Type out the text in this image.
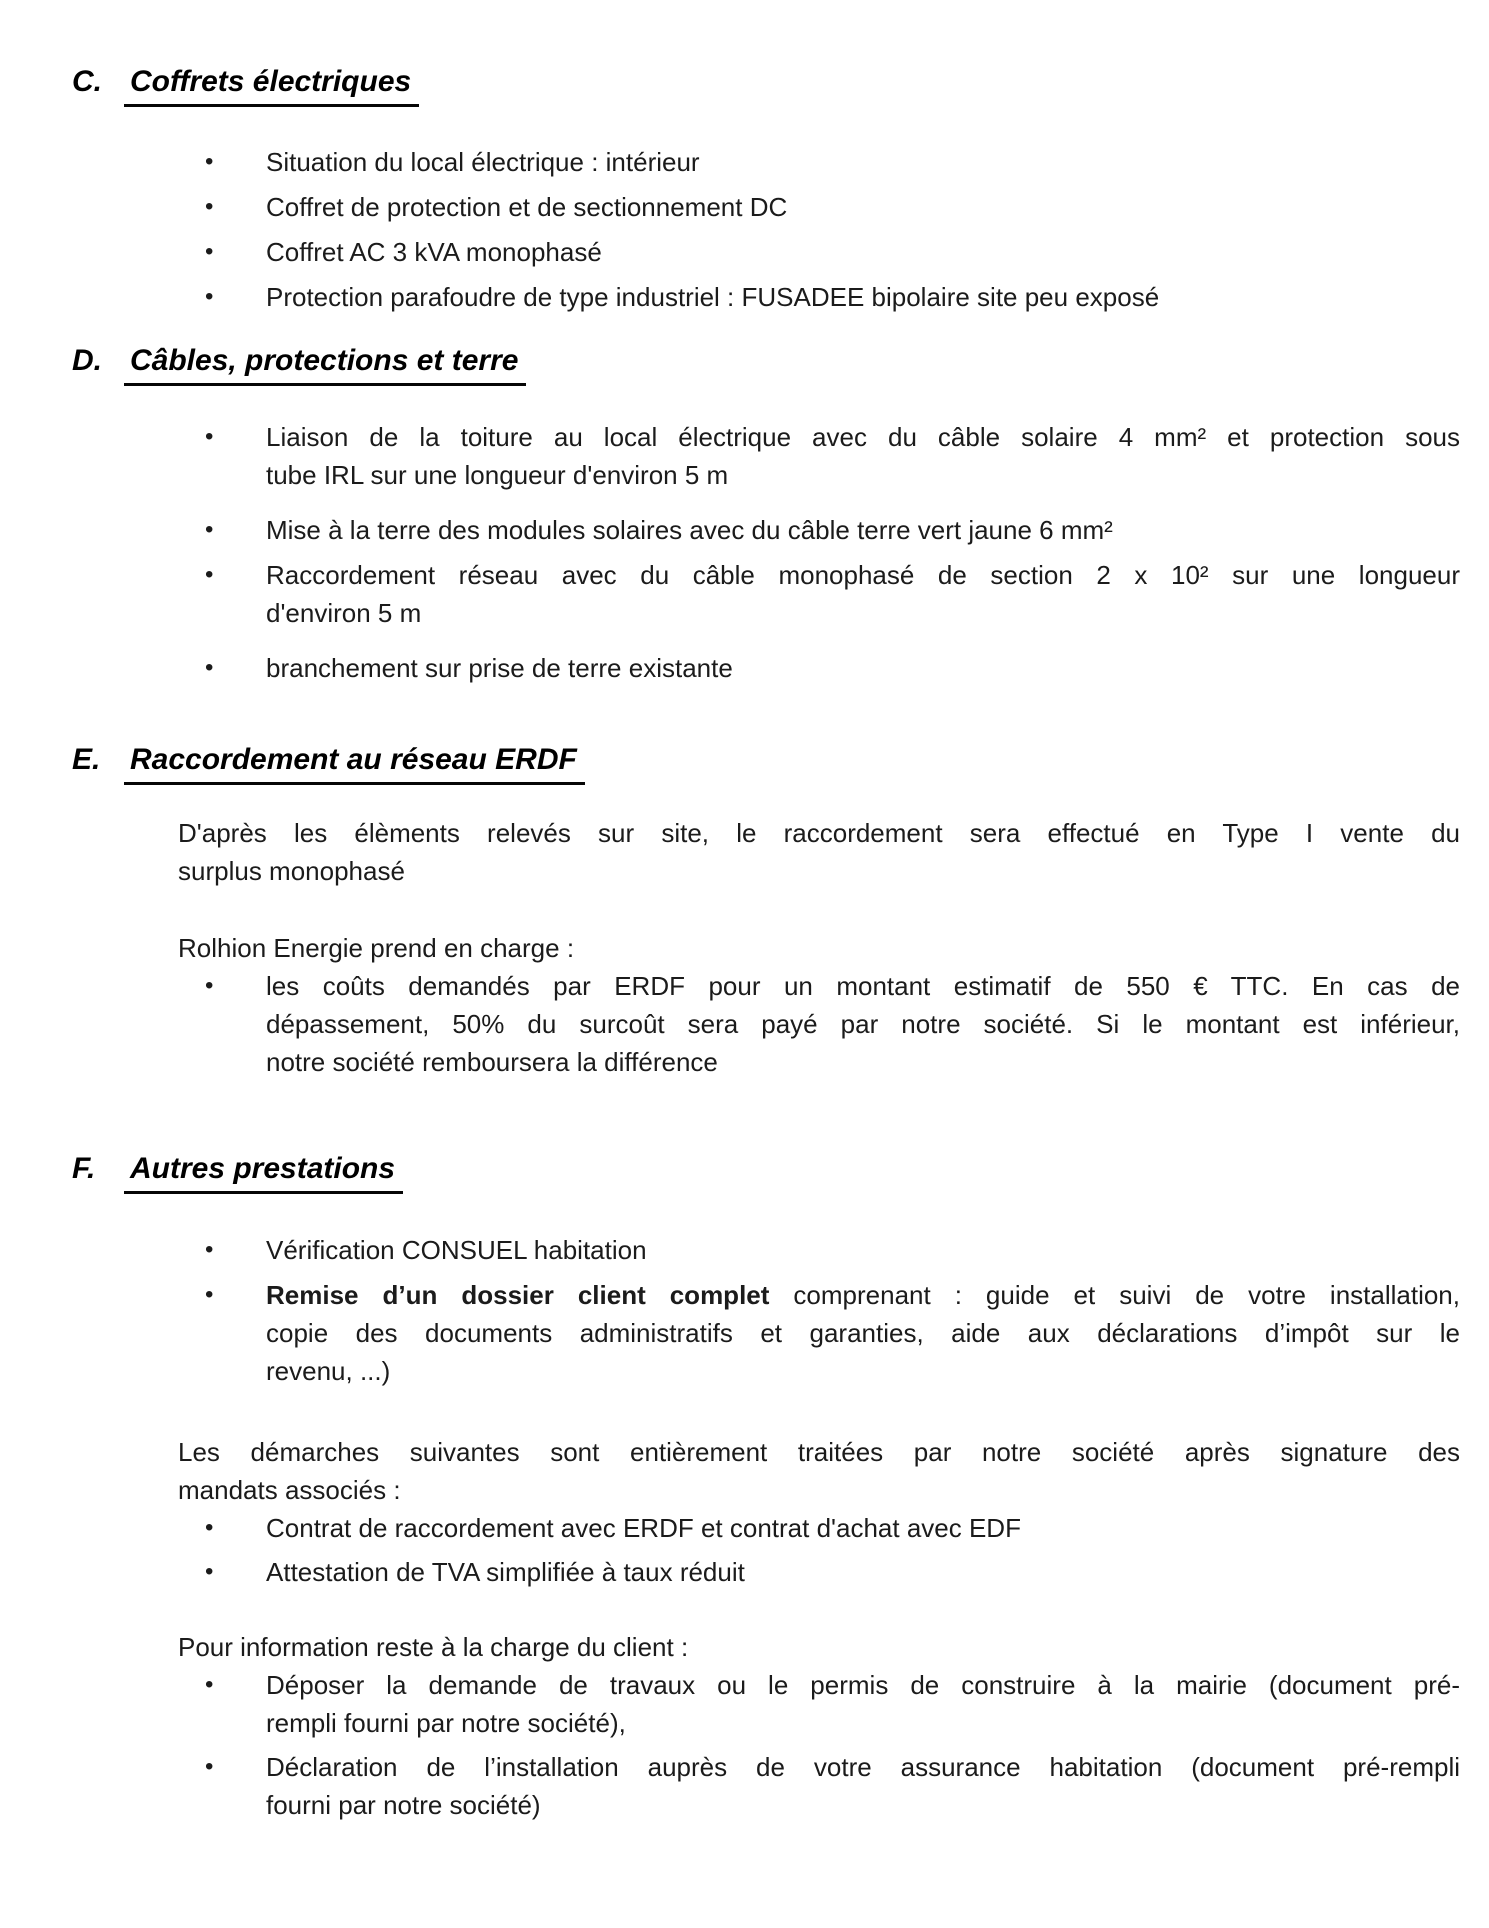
C. Coffrets électriques
•	Situation du local électrique : intérieur
•	Coffret de protection et de sectionnement DC
•	Coffret AC 3 kVA monophasé
•	Protection parafoudre de type industriel : FUSADEE bipolaire site peu exposé
D. Câbles, protections et terre
•	Liaison de la toiture au local électrique avec du câble solaire 4 mm² et protection sous
tube IRL sur une longueur d'environ 5 m
•	Mise à la terre des modules solaires avec du câble terre vert jaune 6 mm²
•	Raccordement réseau avec du câble monophasé de section 2 x 10² sur une longueur
d'environ 5 m
•	branchement sur prise de terre existante
E. Raccordement au réseau ERDF
D'après les élèments relevés sur site, le raccordement sera effectué en Type I vente du
surplus monophasé
Rolhion Energie prend en charge :
•	les coûts demandés par ERDF pour un montant estimatif de 550 € TTC. En cas de
dépassement, 50% du surcoût sera payé par notre société. Si le montant est inférieur,
notre société remboursera la différence
F.	Autres prestations
•	Vérification CONSUEL habitation
•	Remise d’un dossier client complet comprenant : guide et suivi de votre installation,
copie des documents administratifs et garanties, aide aux déclarations d’impôt sur le
revenu, ...)
Les démarches suivantes sont entièrement traitées par notre société après signature des
mandats associés :
•	Contrat de raccordement avec ERDF et contrat d'achat avec EDF
•	Attestation de TVA simplifiée à taux réduit
Pour information reste à la charge du client :
•	Déposer la demande de travaux ou le permis de construire à la mairie (document pré-
rempli fourni par notre société),
•	Déclaration de l’installation auprès de votre assurance habitation (document pré-rempli
fourni par notre société)
